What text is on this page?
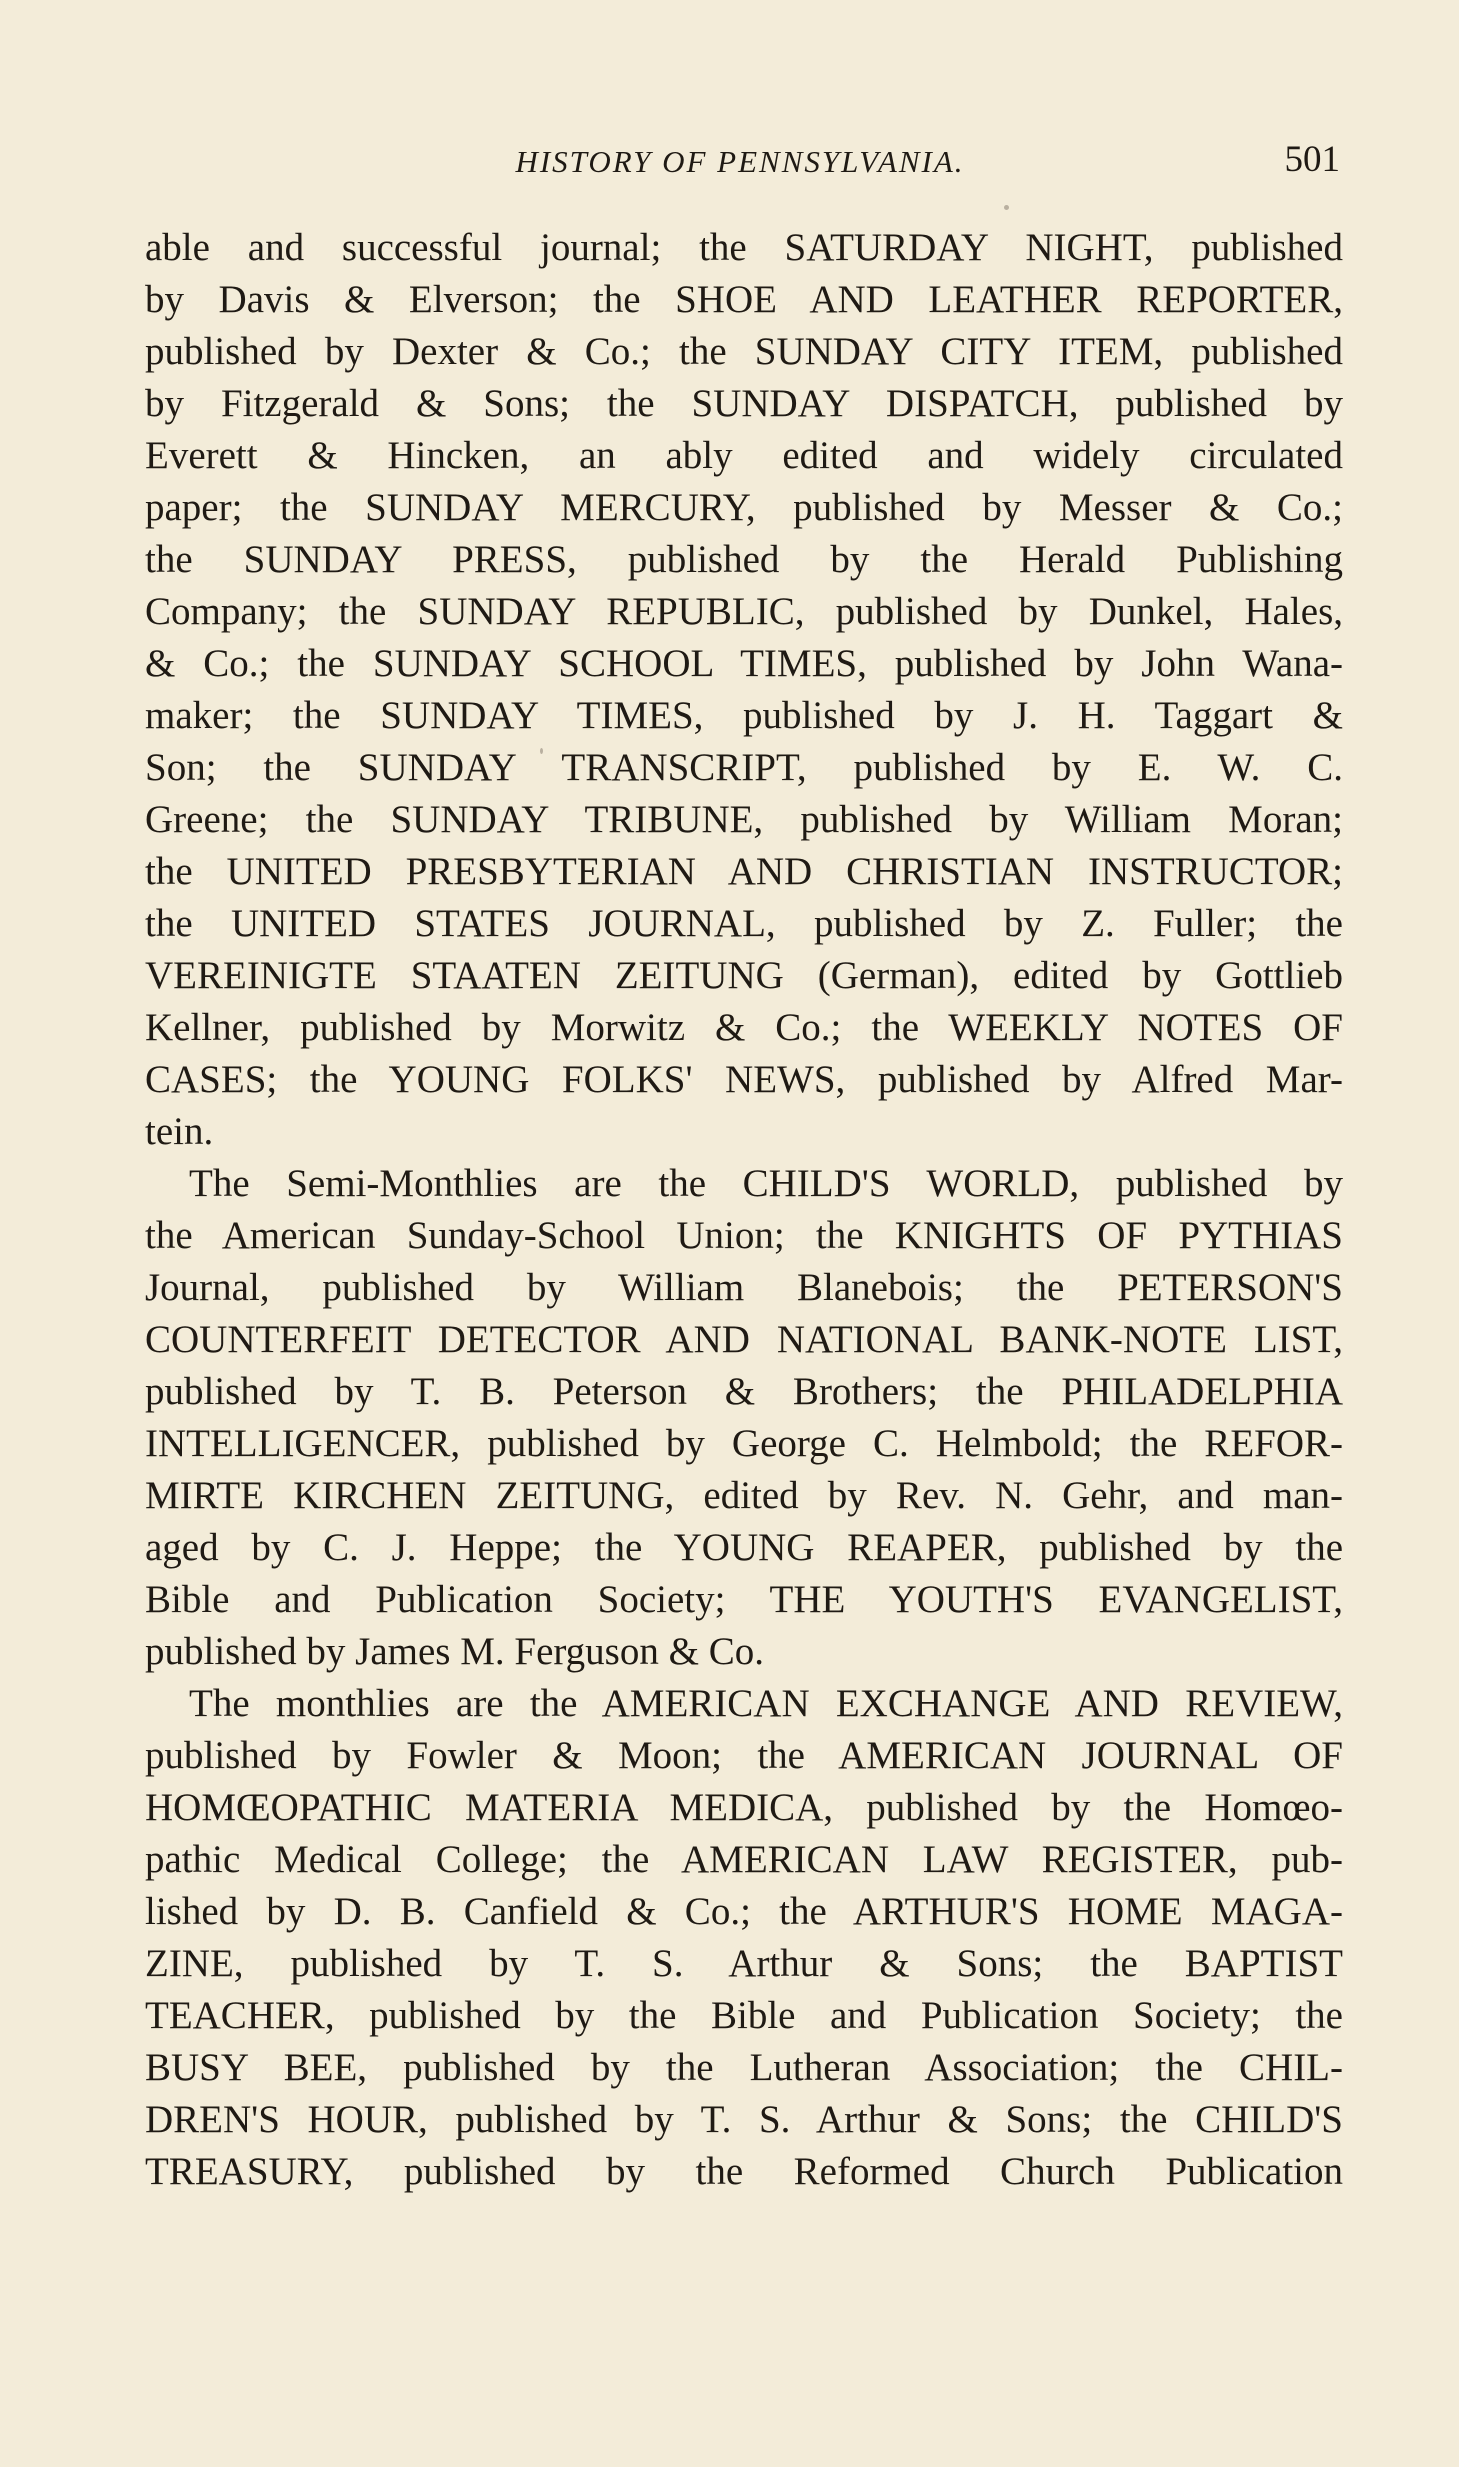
HISTORY OF PENNSYLVANIA.	501
able and successful journal; the SATURDAY NIGHT, published
by Davis & Elverson; the SHOE AND LEATHER REPORTER,
published by Dexter & Co.; the SUNDAY CITY ITEM, published
by Fitzgerald & Sons; the SUNDAY DISPATCH, published by
Everett & Hincken, an ably edited and widely circulated
paper; the SUNDAY MERCURY, published by Messer & Co.;
the SUNDAY PRESS, published by the Herald Publishing
Company; the SUNDAY REPUBLIC, published by Dunkel, Hales,
& Co.; the SUNDAY SCHOOL TIMES, published by John Wana-
maker; the SUNDAY TIMES, published by J. H. Taggart &
Son; the SUNDAY TRANSCRIPT, published by E. W. C.
Greene; the SUNDAY TRIBUNE, published by William Moran;
the UNITED PRESBYTERIAN AND CHRISTIAN INSTRUCTOR;
the UNITED STATES JOURNAL, published by Z. Fuller; the
VEREINIGTE STAATEN ZEITUNG (German), edited by Gottlieb
Kellner, published by Morwitz & Co.; the WEEKLY NOTES OF
CASES; the YOUNG FOLKS' NEWS, published by Alfred Mar-
tein.
The Semi-Monthlies are the CHILD'S WORLD, published by
the American Sunday-School Union; the KNIGHTS OF PYTHIAS
Journal, published by William Blanebois; the PETERSON'S
COUNTERFEIT DETECTOR AND NATIONAL BANK-NOTE LIST,
published by T. B. Peterson & Brothers; the PHILADELPHIA
INTELLIGENCER, published by George C. Helmbold; the REFOR-
MIRTE KIRCHEN ZEITUNG, edited by Rev. N. Gehr, and man-
aged by C. J. Heppe; the YOUNG REAPER, published by the
Bible and Publication Society; THE YOUTH'S EVANGELIST,
published by James M. Ferguson & Co.
The monthlies are the AMERICAN EXCHANGE AND REVIEW,
published by Fowler & Moon; the AMERICAN JOURNAL OF
HOMŒOPATHIC MATERIA MEDICA, published by the Homœo-
pathic Medical College; the AMERICAN LAW REGISTER, pub-
lished by D. B. Canfield & Co.; the ARTHUR'S HOME MAGA-
ZINE, published by T. S. Arthur & Sons; the BAPTIST
TEACHER, published by the Bible and Publication Society; the
BUSY BEE, published by the Lutheran Association; the CHIL-
DREN'S HOUR, published by T. S. Arthur & Sons; the CHILD'S
TREASURY, published by the Reformed Church Publication
